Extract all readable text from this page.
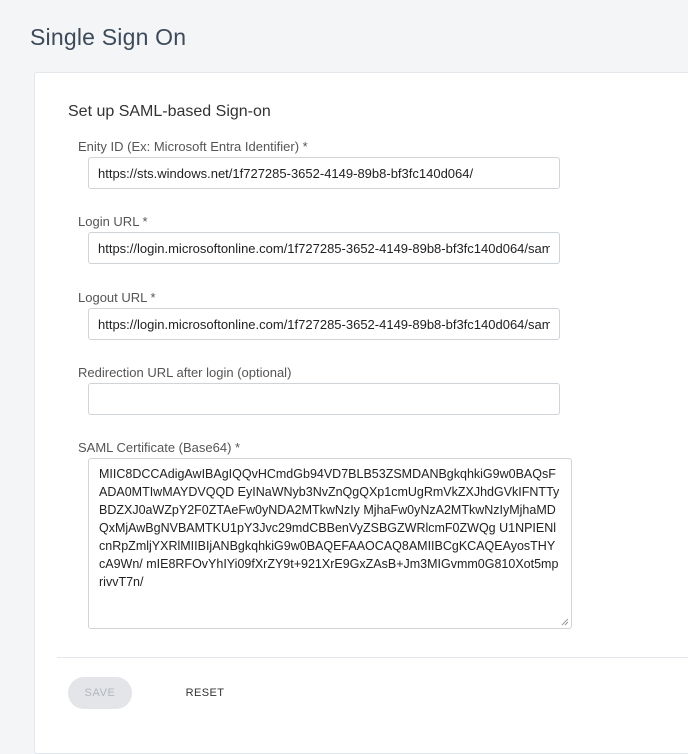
Single Sign On
Set up SAML-based Sign-on
Enity ID (Ex: Microsoft Entra Identifier) *
https://sts.windows.net/1f727285-3652-4149-89b8-bf3fc140d064/
Login URL *
https://login.microsoftonline.com/1f727285-3652-4149-89b8-bf3fc140d064/saml2
Logout URL *
https://login.microsoftonline.com/1f727285-3652-4149-89b8-bf3fc140d064/saml2
Redirection URL after login (optional)
SAML Certificate (Base64) *
MIIC8DCCAdigAwIBAgIQQvHCmdGb94VD7BLB53ZSMDANBgkqhkiG9w0BAQsFADA0MTIwMAYDVQQD EyINaWNyb3NvZnQgQXp1cmUgRmVkZXJhdGVkIFNTTyBDZXJ0aWZpY2F0ZTAeFw0yNDA2MTkwNzIy MjhaFw0yNzA2MTkwNzIyMjhaMDQxMjAwBgNVBAMTKU1pY3Jvc29mdCBBenVyZSBGZWRlcmF0ZWQg U1NPIENlcnRpZmljYXRlMIIBIjANBgkqhkiG9w0BAQEFAAOCAQ8AMIIBCgKCAQEAyosTHYcA9Wn/ mIE8RFOvYhIYi09fXrZY9t+921XrE9GxZAsB+Jm3MIGvmm0G810Xot5mprivvT7n/
SAVE	RESET
